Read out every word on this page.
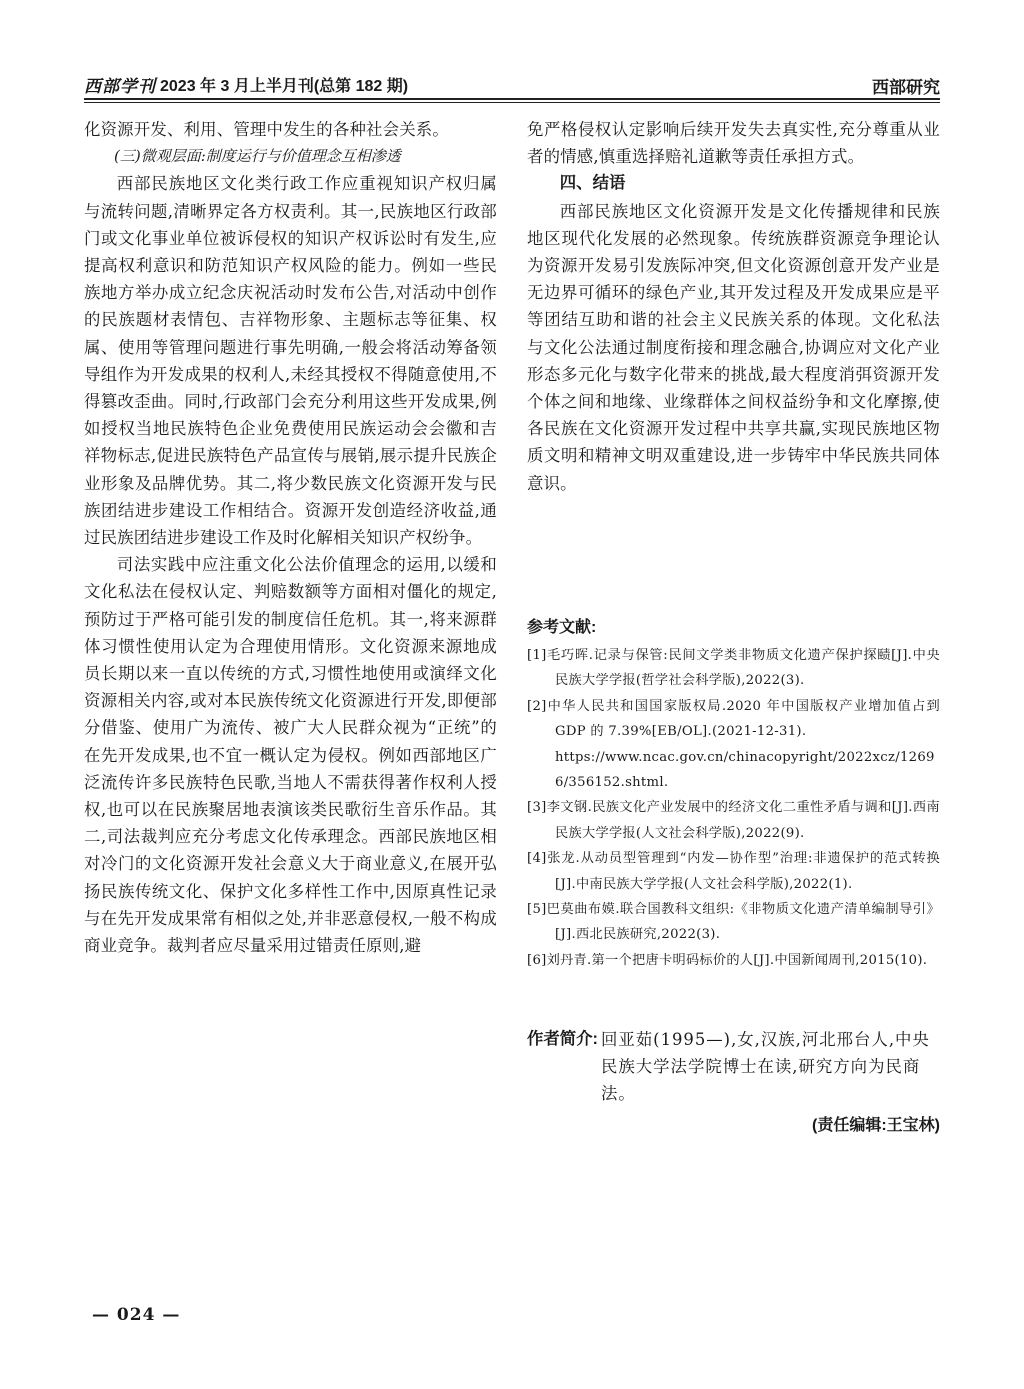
西部学刊 2023 年 3 月上半月刊(总第 182 期)	西部研究

化资源开发、利用、管理中发生的各种社会关系。

(三)微观层面:制度运行与价值理念互相渗透

西部民族地区文化类行政工作应重视知识产权归属与流转问题,清晰界定各方权责利。其一,民族地区行政部门或文化事业单位被诉侵权的知识产权诉讼时有发生,应提高权利意识和防范知识产权风险的能力。例如一些民族地方举办成立纪念庆祝活动时发布公告,对活动中创作的民族题材表情包、吉祥物形象、主题标志等征集、权属、使用等管理问题进行事先明确,一般会将活动筹备领导组作为开发成果的权利人,未经其授权不得随意使用,不得篡改歪曲。同时,行政部门会充分利用这些开发成果,例如授权当地民族特色企业免费使用民族运动会会徽和吉祥物标志,促进民族特色产品宣传与展销,展示提升民族企业形象及品牌优势。其二,将少数民族文化资源开发与民族团结进步建设工作相结合。资源开发创造经济收益,通过民族团结进步建设工作及时化解相关知识产权纷争。

司法实践中应注重文化公法价值理念的运用,以缓和文化私法在侵权认定、判赔数额等方面相对僵化的规定,预防过于严格可能引发的制度信任危机。其一,将来源群体习惯性使用认定为合理使用情形。文化资源来源地成员长期以来一直以传统的方式,习惯性地使用或演绎文化资源相关内容,或对本民族传统文化资源进行开发,即便部分借鉴、使用广为流传、被广大人民群众视为“正统”的在先开发成果,也不宜一概认定为侵权。例如西部地区广泛流传许多民族特色民歌,当地人不需获得著作权利人授权,也可以在民族聚居地表演该类民歌衍生音乐作品。其二,司法裁判应充分考虑文化传承理念。西部民族地区相对冷门的文化资源开发社会意义大于商业意义,在展开弘扬民族传统文化、保护文化多样性工作中,因原真性记录与在先开发成果常有相似之处,并非恶意侵权,一般不构成商业竞争。裁判者应尽量采用过错责任原则,避

免严格侵权认定影响后续开发失去真实性,充分尊重从业者的情感,慎重选择赔礼道歉等责任承担方式。

四、结语

西部民族地区文化资源开发是文化传播规律和民族地区现代化发展的必然现象。传统族群资源竞争理论认为资源开发易引发族际冲突,但文化资源创意开发产业是无边界可循环的绿色产业,其开发过程及开发成果应是平等团结互助和谐的社会主义民族关系的体现。文化私法与文化公法通过制度衔接和理念融合,协调应对文化产业形态多元化与数字化带来的挑战,最大程度消弭资源开发个体之间和地缘、业缘群体之间权益纷争和文化摩擦,使各民族在文化资源开发过程中共享共赢,实现民族地区物质文明和精神文明双重建设,进一步铸牢中华民族共同体意识。

参考文献:
[1]毛巧晖.记录与保管:民间文学类非物质文化遗产保护探赜[J].中央民族大学学报(哲学社会科学版),2022(3).
[2]中华人民共和国国家版权局.2020 年中国版权产业增加值占到 GDP 的 7.39%[EB/OL].(2021-12-31).
https://www.ncac.gov.cn/chinacopyright/2022xcz/12696/356152.shtml.
[3]李文钢.民族文化产业发展中的经济文化二重性矛盾与调和[J].西南民族大学学报(人文社会科学版),2022(9).
[4]张龙.从动员型管理到“内发—协作型”治理:非遗保护的范式转换[J].中南民族大学学报(人文社会科学版),2022(1).
[5]巴莫曲布嫫.联合国教科文组织:《非物质文化遗产清单编制导引》[J].西北民族研究,2022(3).
[6]刘丹青.第一个把唐卡明码标价的人[J].中国新闻周刊,2015(10).
作者简介: 回亚茹(1995—),女,汉族,河北邢台人,中央民族大学法学院博士在读,研究方向为民商法。
(责任编辑:王宝林)
— 024 —
